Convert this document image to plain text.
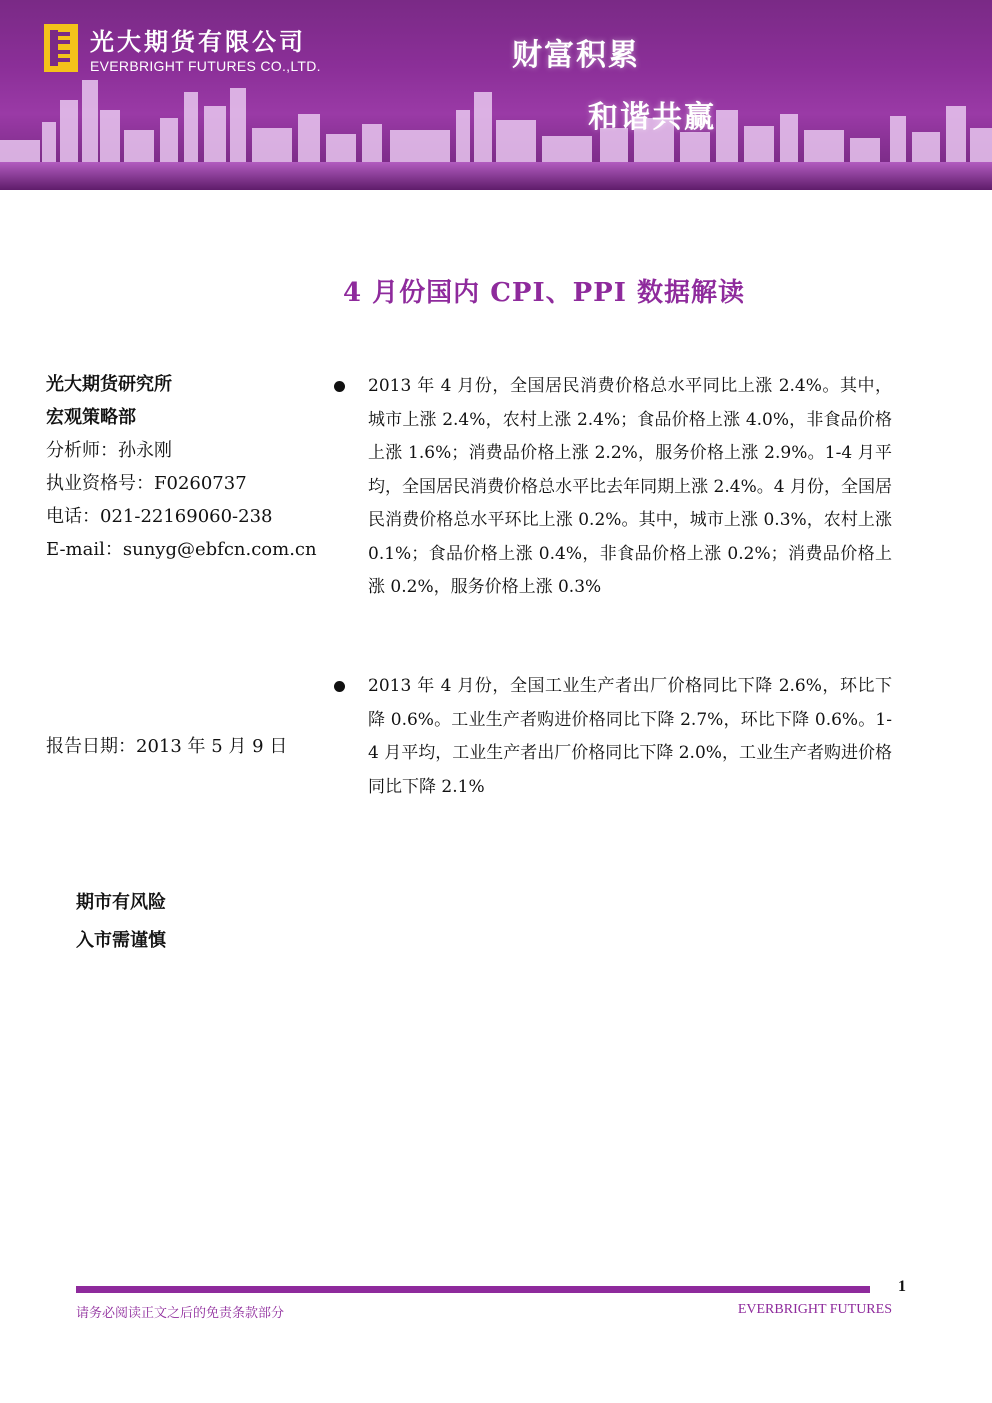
光大期货有限公司
EVERBRIGHT FUTURES CO.,LTD.	财富积累
和谐共赢
4 月份国内 CPI、PPI 数据解读
光大期货研究所
宏观策略部
分析师：孙永刚
执业资格号：F0260737
电话：021-22169060-238
E-mail：sunyg@ebfcn.com.cn
报告日期：2013 年 5 月 9 日
期市有风险
入市需谨慎
2013 年 4 月份，全国居民消费价格总水平同比上涨 2.4%。其中，城市上涨 2.4%，农村上涨 2.4%；食品价格上涨 4.0%，非食品价格上涨 1.6%；消费品价格上涨 2.2%，服务价格上涨 2.9%。1-4 月平均，全国居民消费价格总水平比去年同期上涨 2.4%。4 月份，全国居民消费价格总水平环比上涨 0.2%。其中，城市上涨 0.3%，农村上涨 0.1%；食品价格上涨 0.4%，非食品价格上涨 0.2%；消费品价格上涨 0.2%，服务价格上涨 0.3%
2013 年 4 月份，全国工业生产者出厂价格同比下降 2.6%，环比下降 0.6%。工业生产者购进价格同比下降 2.7%，环比下降 0.6%。1-4 月平均，工业生产者出厂价格同比下降 2.0%，工业生产者购进价格同比下降 2.1%
1
请务必阅读正文之后的免责条款部分	EVERBRIGHT FUTURES
